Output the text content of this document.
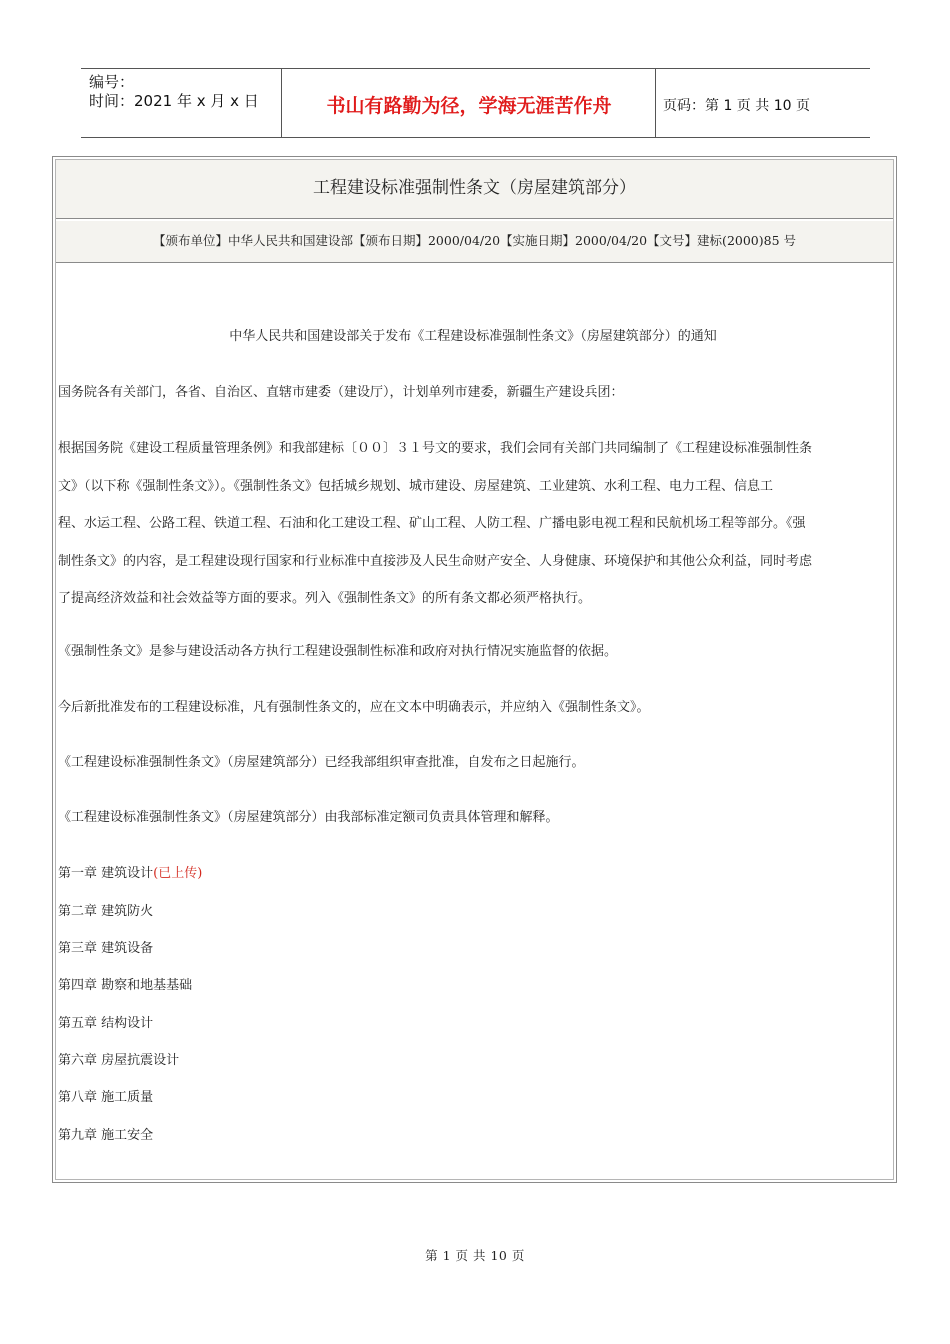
编号：
时间：2021 年 x 月 x 日	书山有路勤为径，学海无涯苦作舟	页码：第 1 页 共 10 页
工程建设标准强制性条文（房屋建筑部分）
【颁布单位】中华人民共和国建设部【颁布日期】2000/04/20【实施日期】2000/04/20【文号】建标(2000)85 号
中华人民共和国建设部关于发布《工程建设标准强制性条文》（房屋建筑部分）的通知
国务院各有关部门，各省、自治区、直辖市建委（建设厅），计划单列市建委，新疆生产建设兵团：
根据国务院《建设工程质量管理条例》和我部建标〔００〕３１号文的要求，我们会同有关部门共同编制了《工程建设标准强制性条
文》（以下称《强制性条文》）。《强制性条文》包括城乡规划、城市建设、房屋建筑、工业建筑、水利工程、电力工程、信息工
程、水运工程、公路工程、铁道工程、石油和化工建设工程、矿山工程、人防工程、广播电影电视工程和民航机场工程等部分。《强
制性条文》的内容，是工程建设现行国家和行业标准中直接涉及人民生命财产安全、人身健康、环境保护和其他公众利益，同时考虑
了提高经济效益和社会效益等方面的要求。列入《强制性条文》的所有条文都必须严格执行。
《强制性条文》是参与建设活动各方执行工程建设强制性标准和政府对执行情况实施监督的依据。
今后新批准发布的工程建设标准，凡有强制性条文的，应在文本中明确表示，并应纳入《强制性条文》。
《工程建设标准强制性条文》（房屋建筑部分）已经我部组织审查批准，自发布之日起施行。
《工程建设标准强制性条文》（房屋建筑部分）由我部标准定额司负责具体管理和解释。
第一章 建筑设计(已上传)
第二章 建筑防火
第三章 建筑设备
第四章 勘察和地基基础
第五章 结构设计
第六章 房屋抗震设计
第八章 施工质量
第九章 施工安全
第 1 页 共 10 页
